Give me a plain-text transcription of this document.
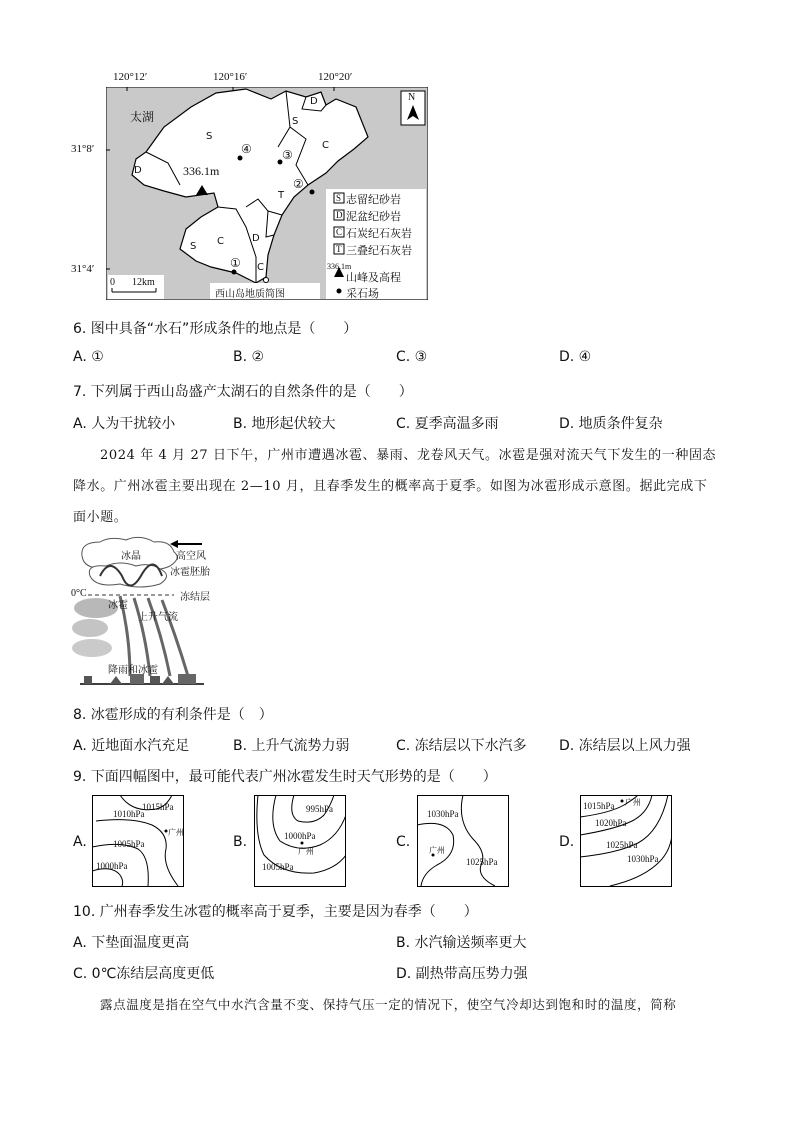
120°12′	120°16′	120°20′
31°8′
31°4′
太湖
S
S
S
D
D
D
C
C
C
T
336.1m
④	③
②
①
N
0 12km
西山岛地质简图
S 志留纪砂岩
D 泥盆纪砂岩
C 石炭纪石灰岩
T 三叠纪石灰岩
336.1m
山峰及高程
采石场
6. 图中具备“水石”形成条件的地点是（　　）
A. ①	B. ②	C. ③	D. ④
7. 下列属于西山岛盛产太湖石的自然条件的是（　　）
A. 人为干扰较小	B. 地形起伏较大	C. 夏季高温多雨	D. 地质条件复杂
2024 年 4 月 27 日下午，广州市遭遇冰雹、暴雨、龙卷风天气。冰雹是强对流天气下发生的一种固态
降水。广州冰雹主要出现在 2—10 月，且春季发生的概率高于夏季。如图为冰雹形成示意图。据此完成下
面小题。
冰晶	高空风
冰雹胚胎
0°C	冻结层
冰雹
上升气流
降雨和冰雹
8. 冰雹形成的有利条件是（　）
A. 近地面水汽充足	B. 上升气流势力弱	C. 冻结层以下水汽多 D. 冻结层以上风力强
9. 下面四幅图中，最可能代表广州冰雹发生时天气形势的是（　　）
A.	B.	C.	D.
1015hPa
1010hPa
广州
1005hPa
1000hPa
995hPa
1000hPa
广州
1005hPa
1030hPa
广州
1025hPa
1015hPa 广州
1020hPa
1025hPa
1030hPa
10. 广州春季发生冰雹的概率高于夏季，主要是因为春季（　　）
A. 下垫面温度更高	B. 水汽输送频率更大
C. 0℃冻结层高度更低	D. 副热带高压势力强
露点温度是指在空气中水汽含量不变、保持气压一定的情况下，使空气冷却达到饱和时的温度，简称
